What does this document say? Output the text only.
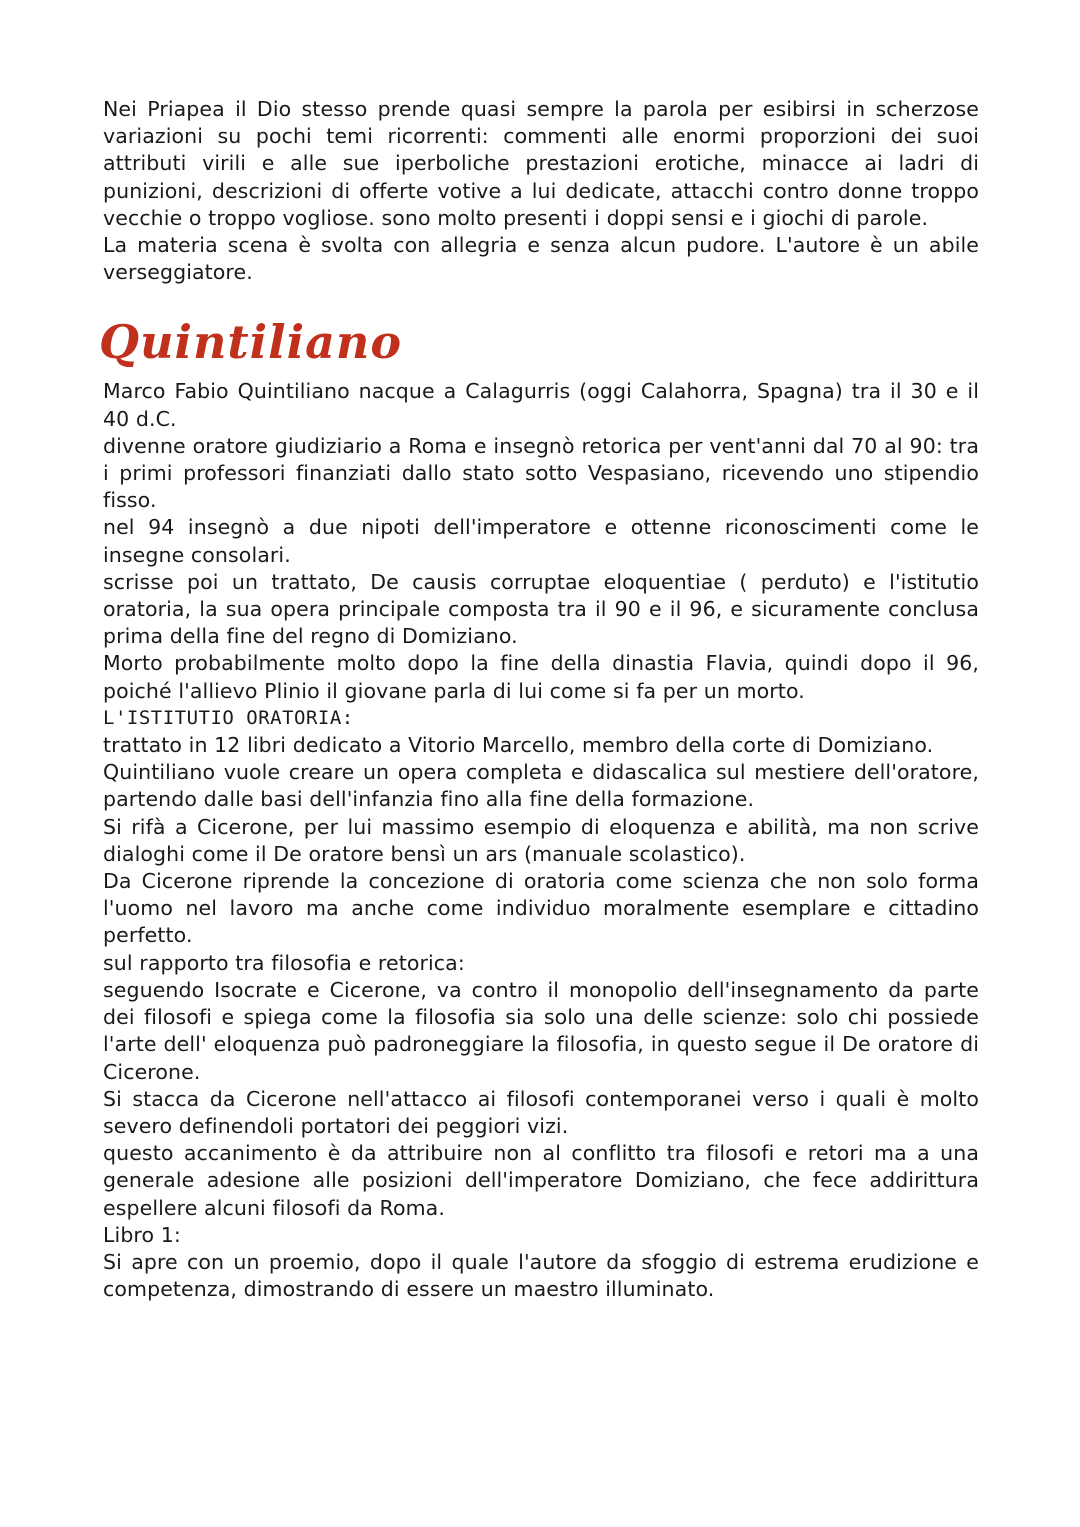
Nei Priapea il Dio stesso prende quasi sempre la parola per esibirsi in scherzose variazioni su pochi temi ricorrenti: commenti alle enormi proporzioni dei suoi attributi virili e alle sue iperboliche prestazioni erotiche, minacce ai ladri di punizioni, descrizioni di offerte votive a lui dedicate, attacchi contro donne troppo vecchie o troppo vogliose. sono molto presenti i doppi sensi e i giochi di parole.

La materia scena è svolta con allegria e senza alcun pudore. L'autore è un abile verseggiatore.

Quintiliano

Marco Fabio Quintiliano nacque a Calagurris (oggi Calahorra, Spagna) tra il 30 e il 40 d.C.

divenne oratore giudiziario a Roma e insegnò retorica per vent'anni dal 70 al 90: tra i primi professori finanziati dallo stato sotto Vespasiano, ricevendo uno stipendio fisso.

nel 94 insegnò a due nipoti dell'imperatore e ottenne riconoscimenti come le insegne consolari.

scrisse poi un trattato, De causis corruptae eloquentiae ( perduto) e l'istitutio oratoria, la sua opera principale composta tra il 90 e il 96, e sicuramente conclusa prima della fine del regno di Domiziano.

Morto probabilmente molto dopo la fine della dinastia Flavia, quindi dopo il 96, poiché l'allievo Plinio il giovane parla di lui come si fa per un morto.

L'ISTITUTIO ORATORIA:

trattato in 12 libri dedicato a Vitorio Marcello, membro della corte di Domiziano.

Quintiliano vuole creare un opera completa e didascalica sul mestiere dell'oratore, partendo dalle basi dell'infanzia fino alla fine della formazione.

Si rifà a Cicerone, per lui massimo esempio di eloquenza e abilità, ma non scrive dialoghi come il De oratore bensì un ars (manuale scolastico).

Da Cicerone riprende la concezione di oratoria come scienza che non solo forma l'uomo nel lavoro ma anche come individuo moralmente esemplare e cittadino perfetto.

sul rapporto tra filosofia e retorica:

seguendo Isocrate e Cicerone, va contro il monopolio dell'insegnamento da parte dei filosofi e spiega come la filosofia sia solo una delle scienze: solo chi possiede l'arte dell' eloquenza può padroneggiare la filosofia, in questo segue il De oratore di Cicerone.

Si stacca da Cicerone nell'attacco ai filosofi contemporanei verso i quali è molto severo definendoli portatori dei peggiori vizi.

questo accanimento è da attribuire non al conflitto tra filosofi e retori ma a una generale adesione alle posizioni dell'imperatore Domiziano, che fece addirittura espellere alcuni filosofi da Roma.

Libro 1:

Si apre con un proemio, dopo il quale l'autore da sfoggio di estrema erudizione e competenza, dimostrando di essere un maestro illuminato.
